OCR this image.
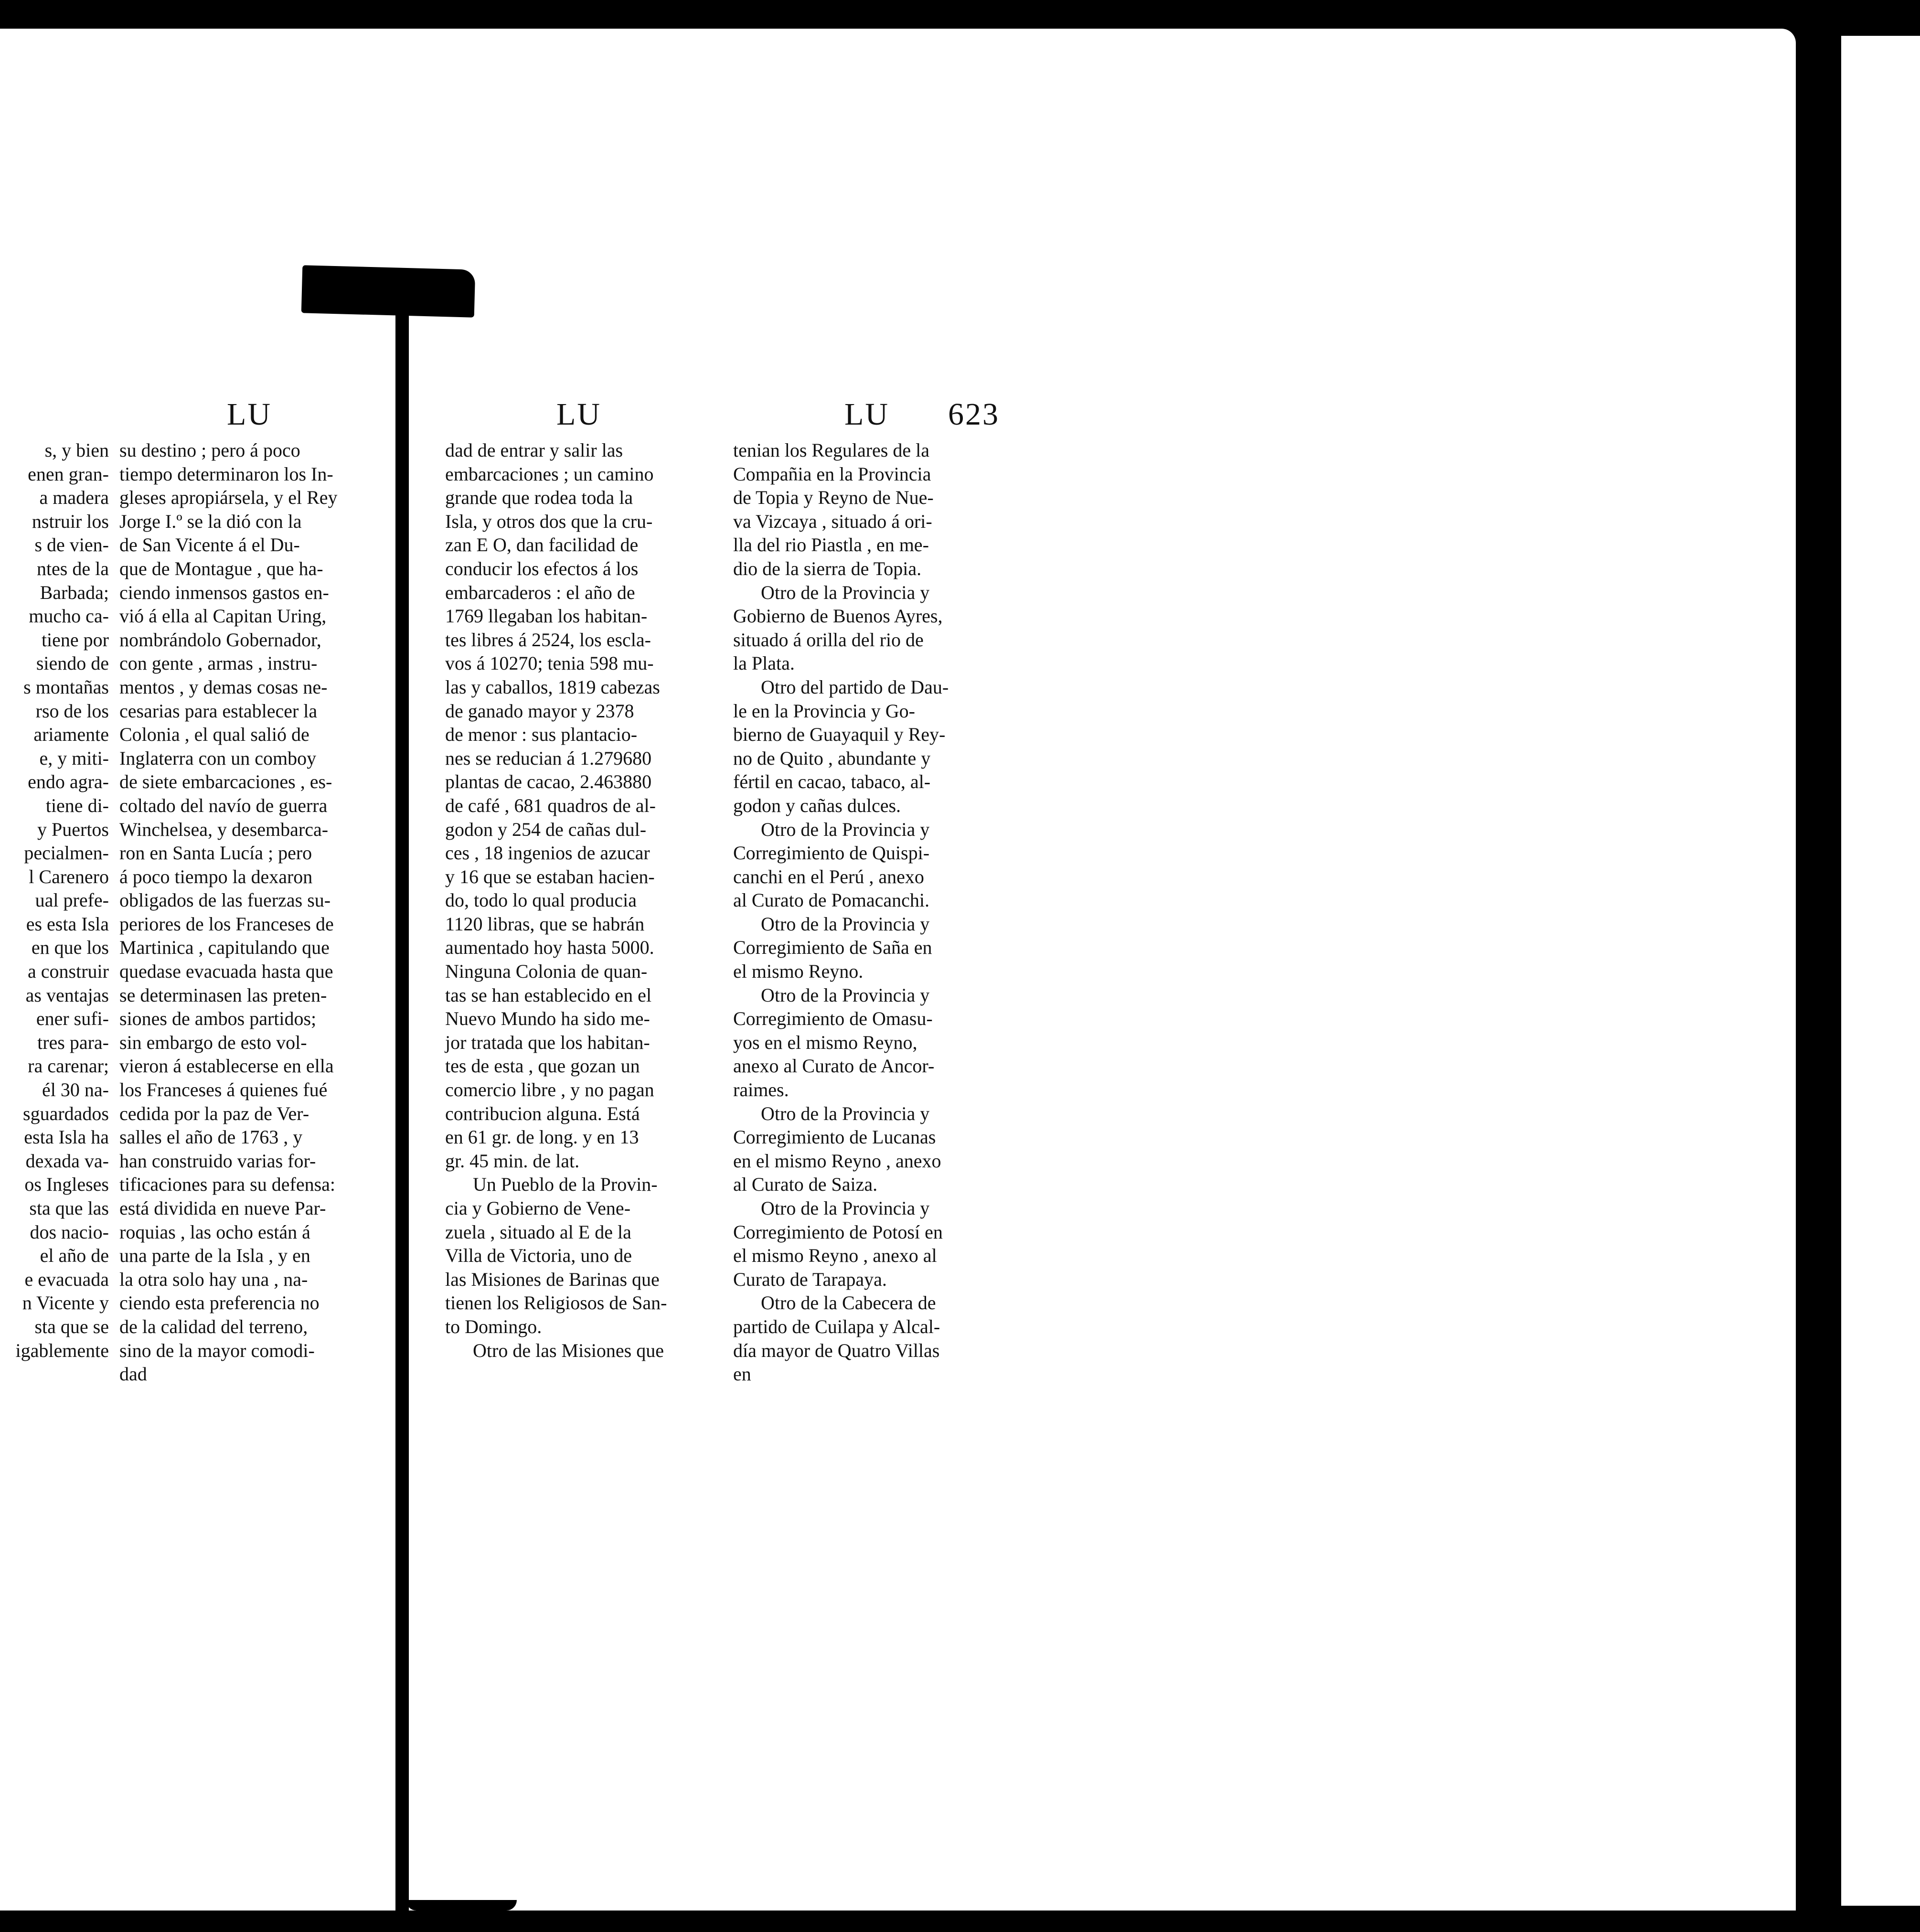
LU	LU	LU 623
s, y bien
enen gran-
a madera
nstruir los
s de vien-
ntes de la
Barbada;
mucho ca-
tiene por
siendo de
s montañas
rso de los
ariamente
e, y miti-
endo agra-
tiene di-
y Puertos
pecialmen-
l Carenero
ual prefe-
es esta Isla
en que los
a construir
as ventajas
ener sufi-
tres para-
ra carenar;
él 30 na-
sguardados
esta Isla ha
dexada va-
os Ingleses
sta que las
dos nacio-
el año de
e evacuada
n Vicente y
sta que se
igablemente
su destino ; pero á poco
tiempo determinaron los In-
gleses apropiársela, y el Rey
Jorge I.º se la dió con la
de San Vicente á el Du-
que de Montague , que ha-
ciendo inmensos gastos en-
vió á ella al Capitan Uring,
nombrándolo Gobernador,
con gente , armas , instru-
mentos , y demas cosas ne-
cesarias para establecer la
Colonia , el qual salió de
Inglaterra con un comboy
de siete embarcaciones , es-
coltado del navío de guerra
Winchelsea, y desembarca-
ron en Santa Lucía ; pero
á poco tiempo la dexaron
obligados de las fuerzas su-
periores de los Franceses de
Martinica , capitulando que
quedase evacuada hasta que
se determinasen las preten-
siones de ambos partidos;
sin embargo de esto vol-
vieron á establecerse en ella
los Franceses á quienes fué
cedida por la paz de Ver-
salles el año de 1763 , y
han construido varias for-
tificaciones para su defensa:
está dividida en nueve Par-
roquias , las ocho están á
una parte de la Isla , y en
la otra solo hay una , na-
ciendo esta preferencia no
de la calidad del terreno,
sino de la mayor comodi-
dad
dad de entrar y salir las
embarcaciones ; un camino
grande que rodea toda la
Isla, y otros dos que la cru-
zan E O, dan facilidad de
conducir los efectos á los
embarcaderos : el año de
1769 llegaban los habitan-
tes libres á 2524, los escla-
vos á 10270; tenia 598 mu-
las y caballos, 1819 cabezas
de ganado mayor y 2378
de menor : sus plantacio-
nes se reducian á 1.279680
plantas de cacao, 2.463880
de café , 681 quadros de al-
godon y 254 de cañas dul-
ces , 18 ingenios de azucar
y 16 que se estaban hacien-
do, todo lo qual producia
1120 libras, que se habrán
aumentado hoy hasta 5000.
Ninguna Colonia de quan-
tas se han establecido en el
Nuevo Mundo ha sido me-
jor tratada que los habitan-
tes de esta , que gozan un
comercio libre , y no pagan
contribucion alguna. Está
en 61 gr. de long. y en 13
gr. 45 min. de lat.
Un Pueblo de la Provin-
cia y Gobierno de Vene-
zuela , situado al E de la
Villa de Victoria, uno de
las Misiones de Barinas que
tienen los Religiosos de San-
to Domingo.
Otro de las Misiones que
tenian los Regulares de la
Compañia en la Provincia
de Topia y Reyno de Nue-
va Vizcaya , situado á ori-
lla del rio Piastla , en me-
dio de la sierra de Topia.
Otro de la Provincia y
Gobierno de Buenos Ayres,
situado á orilla del rio de
la Plata.
Otro del partido de Dau-
le en la Provincia y Go-
bierno de Guayaquil y Rey-
no de Quito , abundante y
fértil en cacao, tabaco, al-
godon y cañas dulces.
Otro de la Provincia y
Corregimiento de Quispi-
canchi en el Perú , anexo
al Curato de Pomacanchi.
Otro de la Provincia y
Corregimiento de Saña en
el mismo Reyno.
Otro de la Provincia y
Corregimiento de Omasu-
yos en el mismo Reyno,
anexo al Curato de Ancor-
raimes.
Otro de la Provincia y
Corregimiento de Lucanas
en el mismo Reyno , anexo
al Curato de Saiza.
Otro de la Provincia y
Corregimiento de Potosí en
el mismo Reyno , anexo al
Curato de Tarapaya.
Otro de la Cabecera de
partido de Cuilapa y Alcal-
día mayor de Quatro Villas
en
